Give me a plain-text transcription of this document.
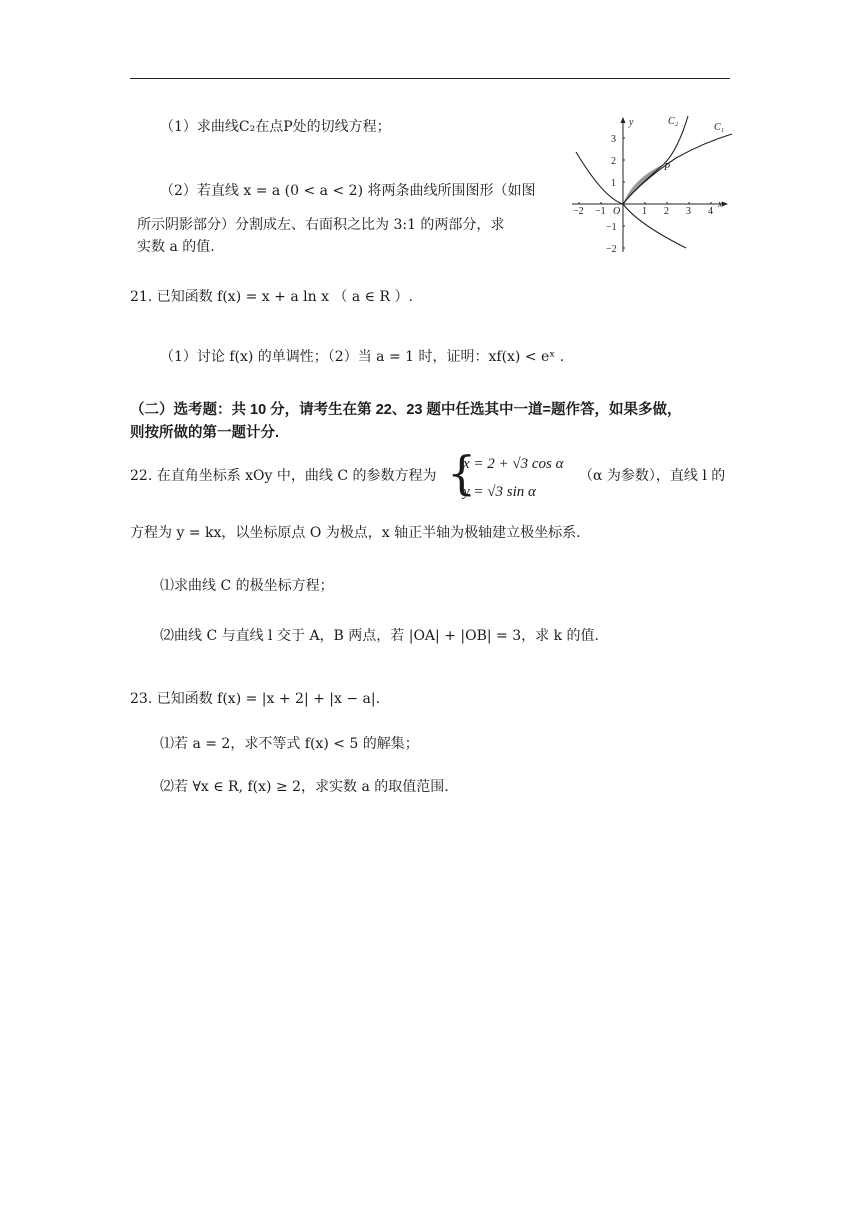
（1）求曲线C₂在点P处的切线方程；
（2）若直线 x = a (0 < a < 2) 将两条曲线所围图形（如图
所示阴影部分）分割成左、右面积之比为 3:1 的两部分，求
实数 a 的值.
−2 −1 O 1 2 3 4
x
y
3
2
1
−1
−2
C₁
C₂
P
21. 已知函数 f(x) = x + a ln x （ a ∈ R ）.
（1）讨论 f(x) 的单调性；（2）当 a = 1 时，证明：xf(x) < eˣ .
（二）选考题：共 10 分，请考生在第 22、23 题中任选其中一道=题作答，如果多做，
则按所做的第一题计分.
22. 在直角坐标系 xOy 中，曲线 C 的参数方程为 {
x = 2 + √3 cos α
y = √3 sin α
（α 为参数），直线 l 的
方程为 y = kx，以坐标原点 O 为极点，x 轴正半轴为极轴建立极坐标系.
⑴求曲线 C 的极坐标方程；
⑵曲线 C 与直线 l 交于 A，B 两点，若 |OA| + |OB| = 3，求 k 的值.
23. 已知函数 f(x) = |x + 2| + |x − a|.
⑴若 a = 2，求不等式 f(x) < 5 的解集；
⑵若 ∀x ∈ R, f(x) ≥ 2，求实数 a 的取值范围.
